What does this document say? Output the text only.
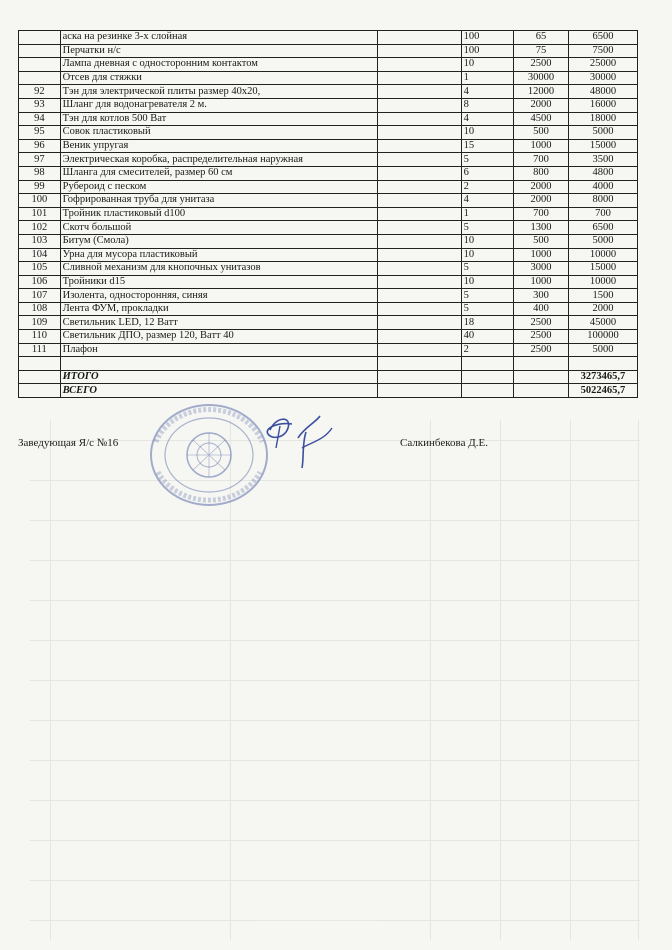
	аска на резинке 3-х слойная		100	65	6500
	Перчатки н/с		100	75	7500
	Лампа дневная с односторонним контактом		10	2500	25000
	Отсев для стяжки		1	30000	30000
92	Тэн для электрической плиты размер 40х20,		4	12000	48000
93	Шланг для водонагревателя 2 м.		8	2000	16000
94	Тэн для котлов 500 Ват		4	4500	18000
95	Совок пластиковый		10	500	5000
96	Веник упругая		15	1000	15000
97	Электрическая коробка, распределительная наружная		5	700	3500
98	Шланга для смесителей, размер 60 см		6	800	4800
99	Рубероид с песком		2	2000	4000
100	Гофрированная труба для унитаза		4	2000	8000
101	Тройник пластиковый d100		1	700	700
102	Скотч большой		5	1300	6500
103	Битум (Смола)		10	500	5000
104	Урна для мусора пластиковый		10	1000	10000
105	Сливной механизм для кнопочных унитазов		5	3000	15000
106	Тройники d15		10	1000	10000
107	Изолента, односторонняя, синяя		5	300	1500
108	Лента ФУМ, прокладки		5	400	2000
109	Светильник LED, 12 Ватт		18	2500	45000
110	Светильник ДПО, размер 120, Ватт 40		40	2500	100000
111	Плафон		2	2500	5000

	ИТОГО				3273465,7
	ВСЕГО				5022465,7
Заведующая Я/с №16	Салкинбекова Д.Е.
